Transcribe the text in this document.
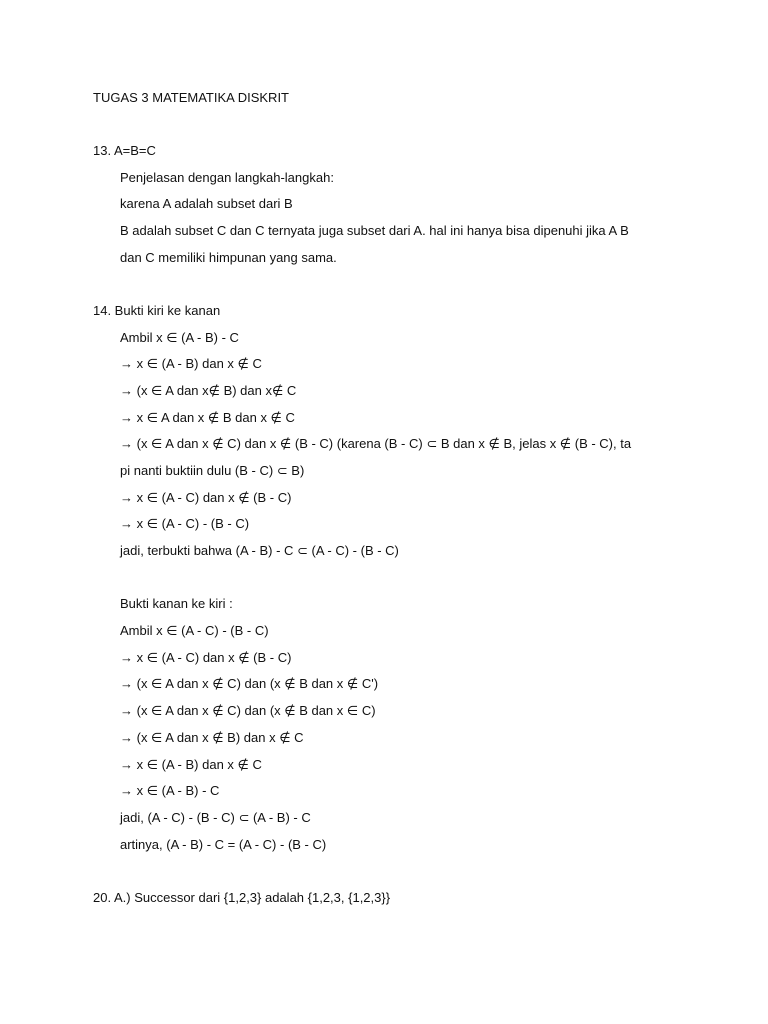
TUGAS 3 MATEMATIKA DISKRIT
13. A=B=C
Penjelasan dengan langkah-langkah:
karena A adalah subset dari B
B adalah subset C dan C ternyata juga subset dari A. hal ini hanya bisa dipenuhi jika A B
dan C memiliki himpunan yang sama.
14. Bukti kiri ke kanan
Ambil x ∈ (A - B) - C
→ x ∈ (A - B) dan x ∉ C
→ (x ∈ A dan x∉ B) dan x∉ C
→ x ∈ A dan x ∉ B dan x ∉ C
→ (x ∈ A dan x ∉ C) dan x ∉ (B - C) (karena (B - C) ⊂ B dan x ∉ B, jelas x ∉ (B - C), ta
pi nanti buktiin dulu (B - C) ⊂ B)
→ x ∈ (A - C) dan x ∉ (B - C)
→ x ∈ (A - C) - (B - C)
jadi, terbukti bahwa (A - B) - C ⊂ (A - C) - (B - C)
Bukti kanan ke kiri :
Ambil x ∈ (A - C) - (B - C)
→ x ∈ (A - C) dan x ∉ (B - C)
→ (x ∈ A dan x ∉ C) dan (x ∉ B dan x ∉ C')
→ (x ∈ A dan x ∉ C) dan (x ∉ B dan x ∈ C)
→ (x ∈ A dan x ∉ B) dan x ∉ C
→ x ∈ (A - B) dan x ∉ C
→ x ∈ (A - B) - C
jadi, (A - C) - (B - C) ⊂ (A - B) - C
artinya, (A - B) - C = (A - C) - (B - C)
20. A.) Successor dari {1,2,3} adalah {1,2,3, {1,2,3}}
